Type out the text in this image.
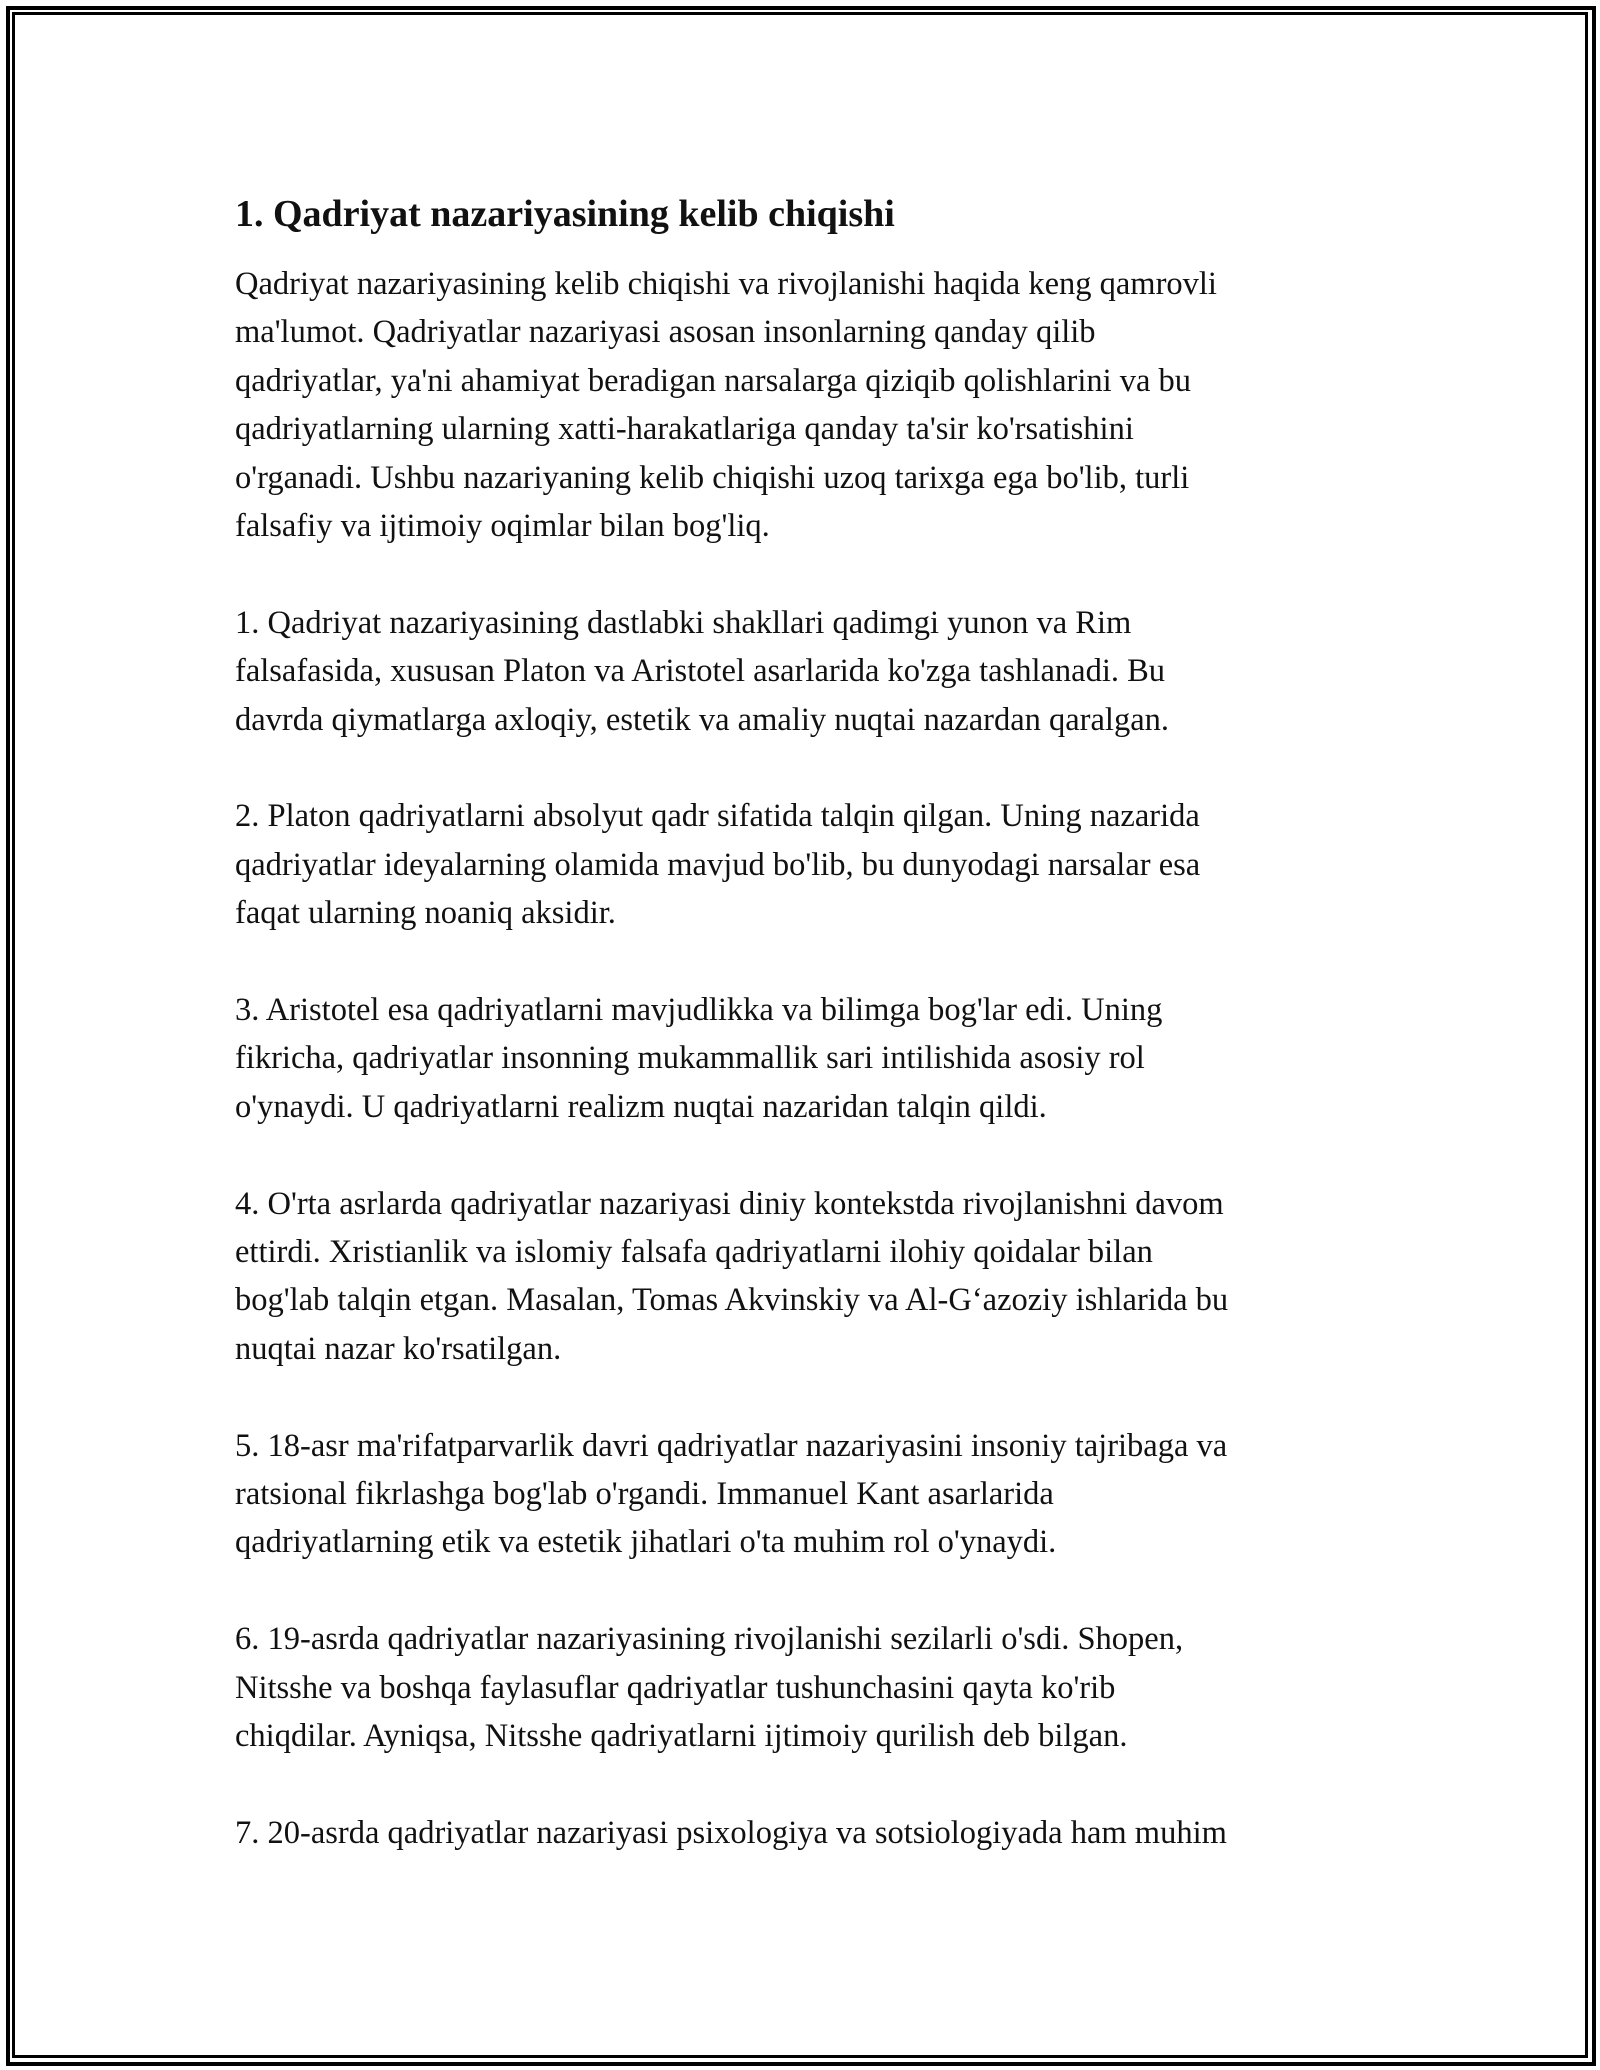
1. Qadriyat nazariyasining kelib chiqishi
Qadriyat nazariyasining kelib chiqishi va rivojlanishi haqida keng qamrovli
ma'lumot. Qadriyatlar nazariyasi asosan insonlarning qanday qilib
qadriyatlar, ya'ni ahamiyat beradigan narsalarga qiziqib qolishlarini va bu
qadriyatlarning ularning xatti-harakatlariga qanday ta'sir ko'rsatishini
o'rganadi. Ushbu nazariyaning kelib chiqishi uzoq tarixga ega bo'lib, turli
falsafiy va ijtimoiy oqimlar bilan bog'liq.
1. Qadriyat nazariyasining dastlabki shakllari qadimgi yunon va Rim
falsafasida, xususan Platon va Aristotel asarlarida ko'zga tashlanadi. Bu
davrda qiymatlarga axloqiy, estetik va amaliy nuqtai nazardan qaralgan.
2. Platon qadriyatlarni absolyut qadr sifatida talqin qilgan. Uning nazarida
qadriyatlar ideyalarning olamida mavjud bo'lib, bu dunyodagi narsalar esa
faqat ularning noaniq aksidir.
3. Aristotel esa qadriyatlarni mavjudlikka va bilimga bog'lar edi. Uning
fikricha, qadriyatlar insonning mukammallik sari intilishida asosiy rol
o'ynaydi. U qadriyatlarni realizm nuqtai nazaridan talqin qildi.
4. O'rta asrlarda qadriyatlar nazariyasi diniy kontekstda rivojlanishni davom
ettirdi. Xristianlik va islomiy falsafa qadriyatlarni ilohiy qoidalar bilan
bog'lab talqin etgan. Masalan, Tomas Akvinskiy va Al-G‘azoziy ishlarida bu
nuqtai nazar ko'rsatilgan.
5. 18-asr ma'rifatparvarlik davri qadriyatlar nazariyasini insoniy tajribaga va
ratsional fikrlashga bog'lab o'rgandi. Immanuel Kant asarlarida
qadriyatlarning etik va estetik jihatlari o'ta muhim rol o'ynaydi.
6. 19-asrda qadriyatlar nazariyasining rivojlanishi sezilarli o'sdi. Shopen,
Nitsshe va boshqa faylasuflar qadriyatlar tushunchasini qayta ko'rib
chiqdilar. Ayniqsa, Nitsshe qadriyatlarni ijtimoiy qurilish deb bilgan.
7. 20-asrda qadriyatlar nazariyasi psixologiya va sotsiologiyada ham muhim
